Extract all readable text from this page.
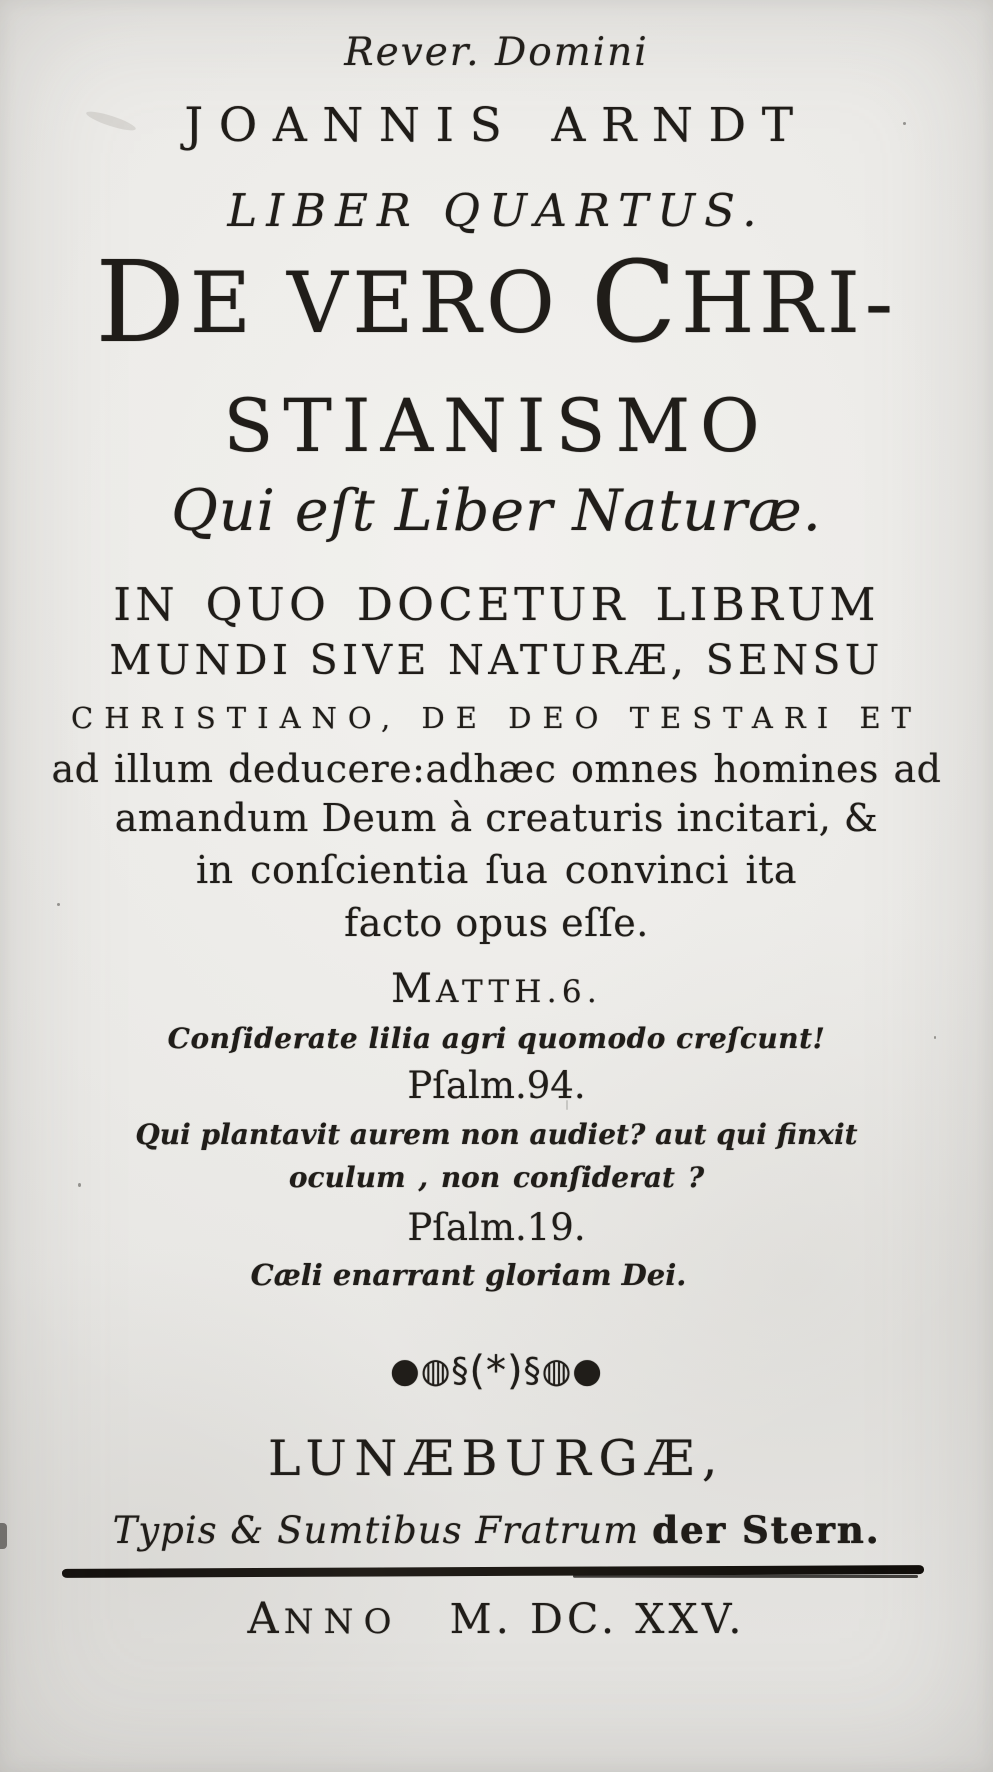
Rever. Domini
JOANNIS ARNDT
LIBER QUARTUS.
DE VERO CHRI-
STIANISMO
Qui eſt Liber Naturæ.
IN QUO DOCETUR LIBRUM
MUNDI SIVE NATURÆ, SENSU
CHRISTIANO, DE DEO TESTARI ET
ad illum deducere:adhæc omnes homines ad
amandum Deum à creaturis incitari, &
in conſcientia ſua convinci ita
facto opus eſſe.
MATTH.6.
Conſiderate lilia agri quomodo creſcunt!
Pſalm.94.
Qui plantavit aurem non audiet? aut qui finxit
oculum , non conſiderat ?
Pſalm.19.
Cæli enarrant gloriam Dei.
●◍§(*)§◍●
LUNÆBURGÆ,
Typis & Sumtibus Fratrum der Stern.
ANNO M. DC. XXV.
